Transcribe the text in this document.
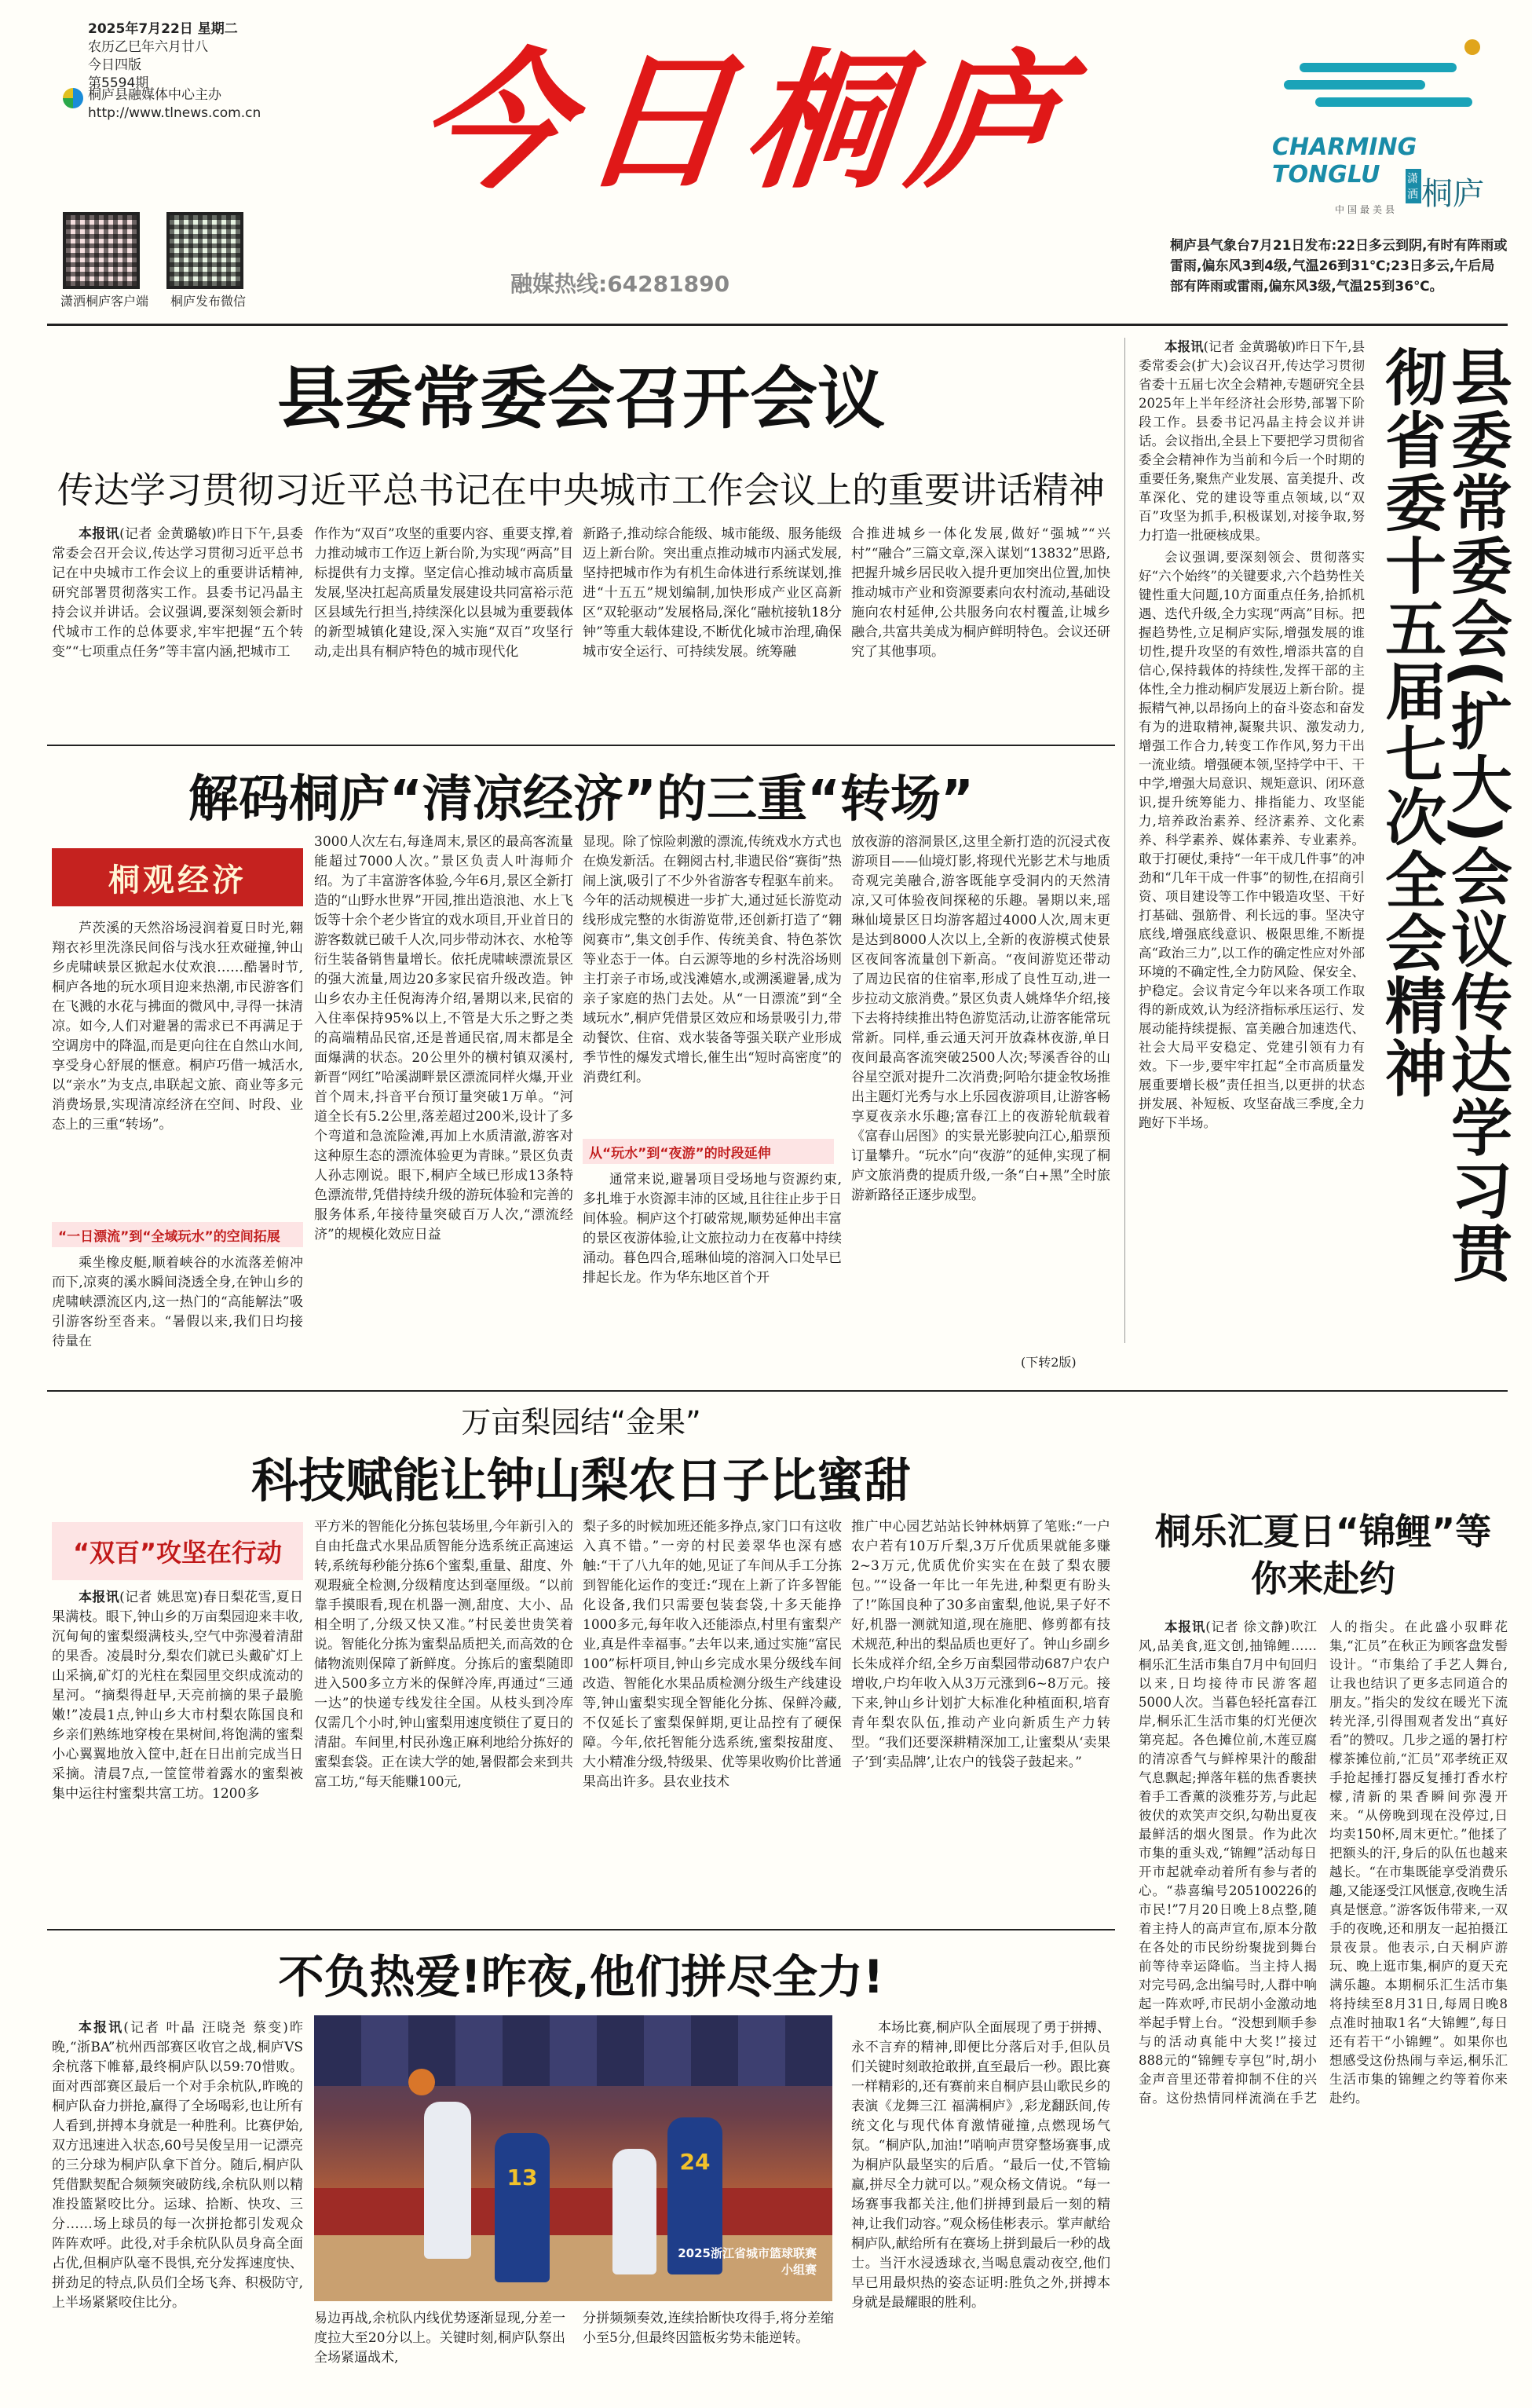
2025年7月22日 星期二
农历乙巳年六月廿八
今日四版
第5594期
桐庐县融媒体中心主办
http://www.tlnews.com.cn
潇洒桐庐客户端	桐庐发布微信
今日桐庐
融媒热线:64281890
CHARMING TONGLU
桐庐
潇洒
中国最美县
桐庐县气象台7月21日发布:22日多云到阴,有时有阵雨或雷雨,偏东风3到4级,气温26到31℃;23日多云,午后局部有阵雨或雷雨,偏东风3级,气温25到36℃。
县委常委会召开会议
传达学习贯彻习近平总书记在中央城市工作会议上的重要讲话精神

本报讯(记者 金黄璐敏)昨日下午,县委常委会召开会议,传达学习贯彻习近平总书记在中央城市工作会议上的重要讲话精神,研究部署贯彻落实工作。县委书记冯晶主持会议并讲话。会议强调,要深刻领会新时代城市工作的总体要求,牢牢把握“五个转变”“七项重点任务”等丰富内涵,把城市工

作作为“双百”攻坚的重要内容、重要支撑,着力推动城市工作迈上新台阶,为实现“两高”目标提供有力支撑。坚定信心推动城市高质量发展,坚决扛起高质量发展建设共同富裕示范区县域先行担当,持续深化以县城为重要载体的新型城镇化建设,深入实施“双百”攻坚行动,走出具有桐庐特色的城市现代化

新路子,推动综合能级、城市能级、服务能级迈上新台阶。突出重点推动城市内涵式发展,坚持把城市作为有机生命体进行系统谋划,推进“十五五”规划编制,加快形成产业区高新区“双轮驱动”发展格局,深化“融杭接轨18分钟”等重大载体建设,不断优化城市治理,确保城市安全运行、可持续发展。统筹融

合推进城乡一体化发展,做好“强城”“兴村”“融合”三篇文章,深入谋划“13832”思路,把握升城乡居民收入提升更加突出位置,加快推动城市产业和资源要素向农村流动,基础设施向农村延伸,公共服务向农村覆盖,让城乡融合,共富共美成为桐庐鲜明特色。会议还研究了其他事项。

本报讯(记者 金黄璐敏)昨日下午,县委常委会(扩大)会议召开,传达学习贯彻省委十五届七次全会精神,专题研究全县2025年上半年经济社会形势,部署下阶段工作。县委书记冯晶主持会议并讲话。会议指出,全县上下要把学习贯彻省委全会精神作为当前和今后一个时期的重要任务,聚焦产业发展、富美提升、改革深化、党的建设等重点领域,以“双百”攻坚为抓手,积极谋划,对接争取,努力打造一批硬核成果。

会议强调,要深刻领会、贯彻落实好“六个始终”的关键要求,六个趋势性关键性重大问题,10方面重点任务,拾抓机遇、迭代升级,全力实现“两高”目标。把握趋势性,立足桐庐实际,增强发展的谁切性,提升攻坚的有效性,增添共富的自信心,保持载体的持续性,发挥干部的主体性,全力推动桐庐发展迈上新台阶。提振精气神,以昂扬向上的奋斗姿态和奋发有为的进取精神,凝聚共识、激发动力,增强工作合力,转变工作作风,努力干出一流业绩。增强硬本领,坚持学中干、干中学,增强大局意识、规矩意识、闭环意识,提升统筹能力、排指能力、攻坚能力,培养政治素养、经济素养、文化素养、科学素养、媒体素养、专业素养。敢于打硬仗,秉持“一年干成几件事”的冲劲和“几年干成一件事”的韧性,在招商引资、项目建设等工作中锻造攻坚、干好打基础、强筋骨、利长远的事。坚决守底线,增强底线意识、极限思维,不断提高“政治三力”,以工作的确定性应对外部环境的不确定性,全力防风险、保安全、护稳定。会议肯定今年以来各项工作取得的新成效,认为经济指标承压运行、发展动能持续提振、富美融合加速迭代、社会大局平安稳定、党建引领有力有效。下一步,要牢牢扛起“全市高质量发展重要增长极”责任担当,以更拼的状态拼发展、补短板、攻坚奋战三季度,全力跑好下半场。	县委常委会(扩大)会议传达学习贯彻省委十五届七次全会精神
解码桐庐“清凉经济”的三重“转场”
桐观经济

芦茨溪的天然浴场浸润着夏日时光,翱翔衣衫里洗涤民间俗与浅水狂欢碰撞,钟山乡虎啸峡景区掀起水仗欢浪……酷暑时节,桐庐各地的玩水项目迎来热潮,市民游客们在飞溅的水花与拂面的微风中,寻得一抹清凉。如今,人们对避暑的需求已不再满足于空调房中的降温,而是更向往在自然山水间,享受身心舒展的惬意。桐庐巧借一城活水,以“亲水”为支点,串联起文旅、商业等多元消费场景,实现清凉经济在空间、时段、业态上的三重“转场”。

“一日漂流”到“全域玩水”的空间拓展

乘坐橡皮艇,顺着峡谷的水流落差俯冲而下,凉爽的溪水瞬间浇透全身,在钟山乡的虎啸峡漂流区内,这一热门的“高能解法”吸引游客纷至沓来。“暑假以来,我们日均接待量在

3000人次左右,每逢周末,景区的最高客流量能超过7000人次。”景区负责人叶海师介绍。为了丰富游客体验,今年6月,景区全新打造的“山野水世界”开园,推出造浪池、水上飞饭等十余个老少皆宜的戏水项目,开业首日的游客数就已破千人次,同步带动沐衣、水枪等衍生装备销售量增长。依托虎啸峡漂流景区的强大流量,周边20多家民宿升级改造。钟山乡农办主任倪海涛介绍,暑期以来,民宿的入住率保持95%以上,不管是大乐之野之类的高端精品民宿,还是普通民宿,周末都是全面爆满的状态。20公里外的横村镇双溪村,新晋“网红”哈溪湖畔景区漂流同样火爆,开业首个周末,抖音平台预订量突破1万单。“河道全长有5.2公里,落差超过200米,设计了多个弯道和急流险滩,再加上水质清澈,游客对这种原生态的漂流体验更为青睐。”景区负责人孙志刚说。眼下,桐庐全域已形成13条特色漂流带,凭借持续升级的游玩体验和完善的服务体系,年接待量突破百万人次,“漂流经济”的规模化效应日益

显现。除了惊险刺激的漂流,传统戏水方式也在焕发新活。在翱阅古村,非遗民俗“赛街”热闹上演,吸引了不少外省游客专程驱车前来。今年的活动规模进一步扩大,通过延长游览动线形成完整的水街游览带,还创新打造了“翱阅赛市”,集文创手作、传统美食、特色茶饮等业态于一体。白云源等地的乡村洗浴场则主打亲子市场,或浅滩嬉水,或溯溪避暑,成为亲子家庭的热门去处。从“一日漂流”到“全域玩水”,桐庐凭借景区效应和场景吸引力,带动餐饮、住宿、戏水装备等强关联产业形成季节性的爆发式增长,催生出“短时高密度”的消费红利。

从“玩水”到“夜游”的时段延伸

通常来说,避暑项目受场地与资源约束,多扎堆于水资源丰沛的区域,且往往止步于日间体验。桐庐这个打破常规,顺势延伸出丰富的景区夜游体验,让文旅拉动力在夜幕中持续涌动。暮色四合,瑶琳仙境的溶洞入口处早已排起长龙。作为华东地区首个开

放夜游的溶洞景区,这里全新打造的沉浸式夜游项目——仙境灯影,将现代光影艺术与地质奇观完美融合,游客既能享受洞内的天然清凉,又可体验夜间探秘的乐趣。暑期以来,瑶琳仙境景区日均游客超过4000人次,周末更是达到8000人次以上,全新的夜游模式使景区夜间客流量创下新高。“夜间游览还带动了周边民宿的住宿率,形成了良性互动,进一步拉动文旅消费。”景区负责人姚烽华介绍,接下去将持续推出特色游览活动,让游客能常玩常新。同样,垂云通天河开放森林夜游,单日夜间最高客流突破2500人次;琴溪香谷的山谷星空派对提升二次消费;阿哈尔捷金牧场推出主题灯光秀与水上乐园夜游项目,让游客畅享夏夜亲水乐趣;富春江上的夜游轮航载着《富春山居图》的实景光影驶向江心,船票预订量攀升。“玩水”向“夜游”的延伸,实现了桐庐文旅消费的提质升级,一条“白+黑”全时旅游新路径正逐步成型。

(下转2版)
万亩梨园结“金果”
科技赋能让钟山梨农日子比蜜甜
“双百”攻坚在行动

本报讯(记者 姚思宽)春日梨花雪,夏日果满枝。眼下,钟山乡的万亩梨园迎来丰收,沉甸甸的蜜梨缀满枝头,空气中弥漫着清甜的果香。凌晨时分,梨农们就已头戴矿灯上山采摘,矿灯的光柱在梨园里交织成流动的星河。“摘梨得赶早,天亮前摘的果子最脆嫩!”凌晨1点,钟山乡大市村梨农陈国良和乡亲们熟练地穿梭在果树间,将饱满的蜜梨小心翼翼地放入筐中,赶在日出前完成当日采摘。清晨7点,一筐筐带着露水的蜜梨被集中运往村蜜梨共富工坊。1200多

平方米的智能化分拣包装场里,今年新引入的自由托盘式水果品质智能分选系统正高速运转,系统每秒能分拣6个蜜梨,重量、甜度、外观瑕疵全检测,分级精度达到毫厘级。“以前靠手摸眼看,现在机器一测,甜度、大小、品相全明了,分级又快又准。”村民姜世贵笑着说。智能化分拣为蜜梨品质把关,而高效的仓储物流则保障了新鲜度。分拣后的蜜梨随即进入500多立方米的保鲜冷库,再通过“三通一达”的快递专线发往全国。从枝头到冷库仅需几个小时,钟山蜜梨用速度锁住了夏日的清甜。车间里,村民孙逸正麻利地给分拣好的蜜梨套袋。正在读大学的她,暑假都会来到共富工坊,“每天能赚100元,

梨子多的时候加班还能多挣点,家门口有这收入真不错。”一旁的村民姜翠华也深有感触:“干了八九年的她,见证了车间从手工分拣到智能化运作的变迁:“现在上新了许多智能化设备,我们只需要包装套袋,十多天能挣1000多元,每年收入还能添点,村里有蜜梨产业,真是件幸福事。”去年以来,通过实施“富民100”标杆项目,钟山乡完成水果分级线车间改造、智能化水果品质检测分级生产线建设等,钟山蜜梨实现全智能化分拣、保鲜冷藏,不仅延长了蜜梨保鲜期,更让品控有了硬保障。今年,依托智能分选系统,蜜梨按甜度、大小精准分级,特级果、优等果收购价比普通果高出许多。县农业技术

推广中心园艺站站长钟林炳算了笔账:“一户农户若有10万斤梨,3万斤优质果就能多赚2~3万元,优质优价实实在在鼓了梨农腰包。”“设备一年比一年先进,种梨更有盼头了!”陈国良种了30多亩蜜梨,他说,果子好不好,机器一测就知道,现在施肥、修剪都有技术规范,种出的梨品质也更好了。钟山乡副乡长朱成祥介绍,全乡万亩梨园带动687户农户增收,户均年收入从3万元涨到6~8万元。接下来,钟山乡计划扩大标准化种植面积,培育青年梨农队伍,推动产业向新质生产力转型。“我们还要深耕精深加工,让蜜梨从‘卖果子’到‘卖品牌’,让农户的钱袋子鼓起来。”

桐乐汇夏日“锦鲤”等你来赴约

本报讯(记者 徐文静)吹江风,品美食,逛文创,抽锦鲤……桐乐汇生活市集自7月中旬回归以来,日均接待市民游客超5000人次。当暮色轻托富春江岸,桐乐汇生活市集的灯光便次第亮起。各色摊位前,木莲豆腐的清凉香气与鲜榨果汁的酸甜气息飘起;掸落年糕的焦香裹挟着手工香薰的淡雅芬芳,与此起彼伏的欢笑声交织,勾勒出夏夜最鲜活的烟火图景。作为此次市集的重头戏,“锦鲤”活动每日开市起就牵动着所有参与者的心。“恭喜编号205100226的市民!”7月20日晚上8点整,随着主持人的高声宣布,原本分散在各处的市民纷纷聚拢到舞台前等待幸运降临。当主持人揭对完号码,念出编号时,人群中响起一阵欢呼,市民胡小金激动地举起手臂上台。“没想到顺手参与的活动真能中大奖!”接过888元的“锦鲤专享包”时,胡小金声音里还带着抑制不住的兴奋。这份热情同样流淌在手艺人的指尖。在此盛小驭畔花集,“汇员”在秋正为顾客盘发髻设计。“市集给了手艺人舞台,让我也结识了更多志同道合的朋友。”指尖的发纹在暖光下流转光泽,引得围观者发出“真好看”的赞叹。几步之遥的暑打柠檬茶摊位前,“汇员”邓孝统正双手抢起捶打器反复捶打香水柠檬,清新的果香瞬间弥漫开来。“从傍晚到现在没停过,日均卖150杯,周末更忙。”他揉了把额头的汗,身后的队伍也越来越长。“在市集既能享受消费乐趣,又能逐受江风惬意,夜晚生活真是惬意。”游客饭伟带来,一双手的夜晚,还和朋友一起拍摄江景夜景。他表示,白天桐庐游玩、晚上逛市集,桐庐的夏天充满乐趣。本期桐乐汇生活市集将持续至8月31日,每周日晚8点准时抽取1名“大锦鲤”,每日还有若干“小锦鲤”。如果你也想感受这份热闹与幸运,桐乐汇生活市集的锦鲤之约等着你来赴约。

不负热爱!昨夜,他们拼尽全力!

本报讯(记者 叶晶 汪晓尧 蔡变)昨晚,“浙BA”杭州西部赛区收官之战,桐庐VS余杭落下帷幕,最终桐庐队以59:70惜败。面对西部赛区最后一个对手余杭队,昨晚的桐庐队奋力拼抢,赢得了全场喝彩,也让所有人看到,拼搏本身就是一种胜利。比赛伊始,双方迅速进入状态,60号吴俊呈用一记漂亮的三分球为桐庐队拿下首分。随后,桐庐队凭借默契配合频频突破防线,余杭队则以精准投篮紧咬比分。运球、拾断、快攻、三分……场上球员的每一次拼抢都引发观众阵阵欢呼。此役,对手余杭队队员身高全面占优,但桐庐队毫不畏惧,充分发挥速度快、拼劲足的特点,队员们全场飞奔、积极防守,上半场紧紧咬住比分。

13
24
2025浙江省城市篮球联赛
小组赛

易边再战,余杭队内线优势逐渐显现,分差一度拉大至20分以上。关键时刻,桐庐队祭出全场紧逼战术,

分拼频频奏效,连续拾断快攻得手,将分差缩小至5分,但最终因篮板劣势未能逆转。

本场比赛,桐庐队全面展现了勇于拼搏、永不言弃的精神,即便比分落后对手,但队员们关键时刻敢抢敢拼,直至最后一秒。跟比赛一样精彩的,还有赛前来自桐庐县山歌民乡的表演《龙舞三江 福满桐庐》,彩龙翻跃间,传统文化与现代体育激情碰撞,点燃现场气氛。“桐庐队,加油!”哨响声贯穿整场赛事,成为桐庐队最坚实的后盾。“最后一仗,不管输赢,拼尽全力就可以。”观众杨文倩说。“每一场赛事我都关注,他们拼搏到最后一刻的精神,让我们动容。”观众杨佳彬表示。掌声献给桐庐队,献给所有在赛场上拼到最后一秒的战士。当汗水浸透球衣,当喝息震动夜空,他们早已用最炽热的姿态证明:胜负之外,拼搏本身就是最耀眼的胜利。
